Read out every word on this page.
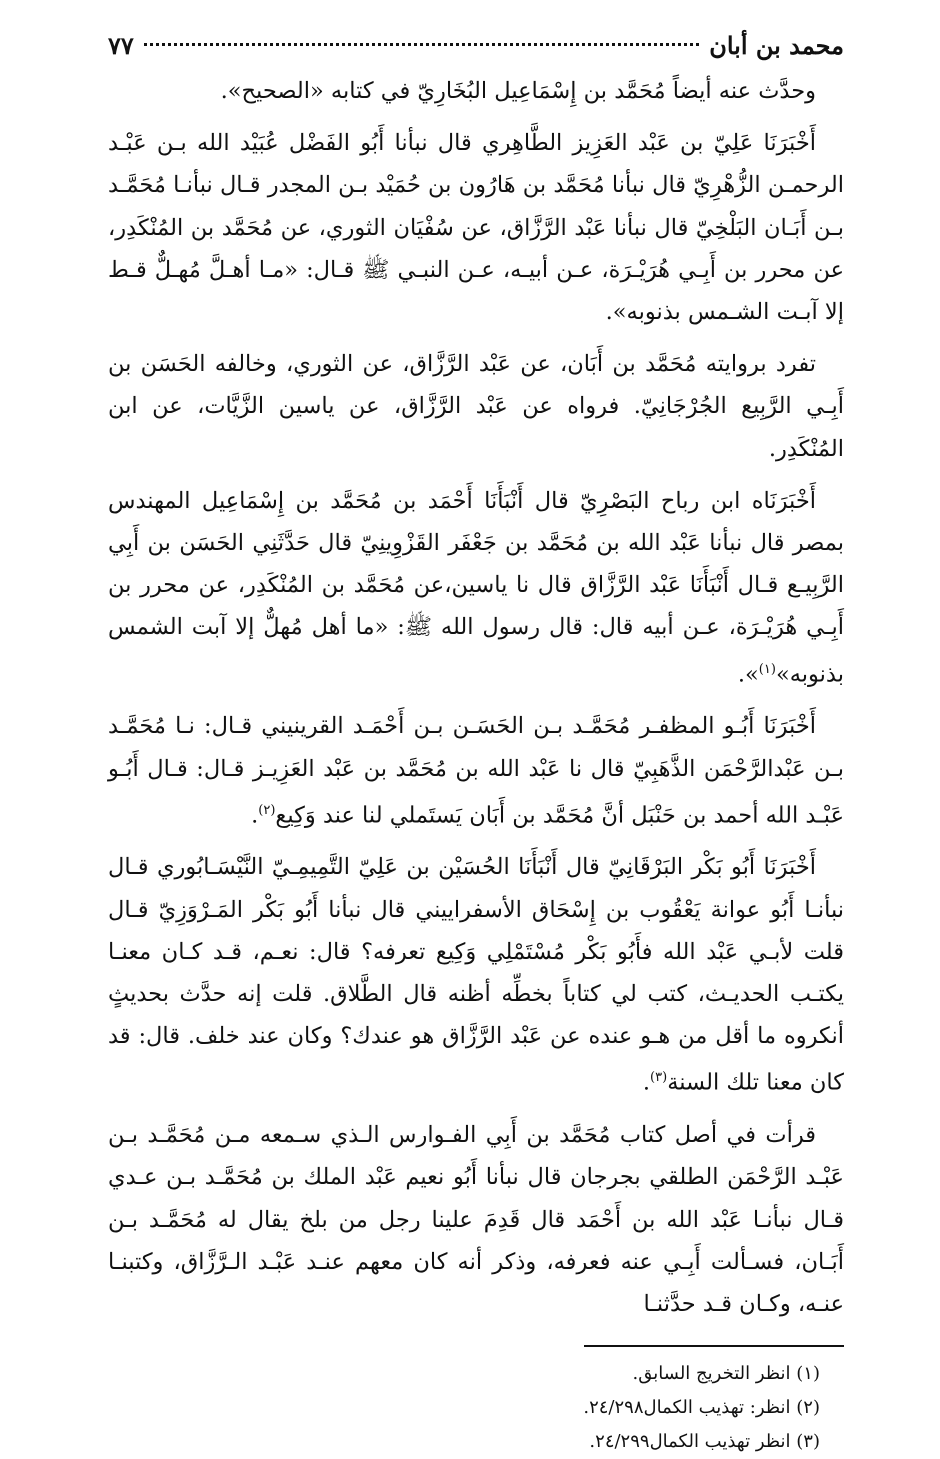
محمد بن أبان
٧٧

وحدَّث عنه أيضاً مُحَمَّد بن إِسْمَاعِيل البُخَارِيّ في كتابه «الصحيح».

أَخْبَرَنَا عَلِيّ بن عَبْد العَزِيز الطَّاهِري قال نبأنا أَبُو الفَضْل عُبَيْد الله بـن عَبْـد الرحمـن الزُّهْرِيّ قال نبأنا مُحَمَّد بن هَارُون بن حُمَيْد بـن المجدر قـال نبأنـا مُحَمَّـد بـن أَبَـان البَلْخِيّ قال نبأنا عَبْد الرَّزَّاق، عن سُفْيَان الثوري، عن مُحَمَّد بن المُنْكَدِر، عن محرر بن أَبِـي هُرَيْـرَة، عـن أبيـه، عـن النبـي ﷺ قـال: «مـا أهـلَّ مُهـلٌّ قـط إلا آبـت الشـمس بذنوبه».

تفرد بروايته مُحَمَّد بن أَبَان، عن عَبْد الرَّزَّاق، عن الثوري، وخالفه الحَسَن بن أَبِـي الرَّبِيع الجُرْجَانِيّ. فرواه عن عَبْد الرَّزَّاق، عن ياسين الزَّيَّات، عن ابن المُنْكَدِر.

أَخْبَرَنَاه ابن رباح البَصْرِيّ قال أَنْبَأَنَا أَحْمَد بن مُحَمَّد بن إِسْمَاعِيل المهندس بمصر قال نبأنا عَبْد الله بن مُحَمَّد بن جَعْفَر القَزْوِينِيّ قال حَدَّثَنِي الحَسَن بن أَبِي الرَّبِيـع قـال أَنْبَأَنَا عَبْد الرَّزَّاق قال نا ياسين،عن مُحَمَّد بن المُنْكَدِر، عن محرر بن أَبِـي هُرَيْـرَة، عـن أبيه قال: قال رسول الله ﷺ: «ما أهل مُهلٌّ إلا آبت الشمس بذنوبه»$^{(١)}$».

أَخْبَرَنَا أَبُـو المظفـر مُحَمَّـد بـن الحَسَـن بـن أَحْمَـد القرينيني قـال: نـا مُحَمَّـد بـن عَبْدالرَّحْمَن الذَّهَبِيّ قال نا عَبْد الله بن مُحَمَّد بن عَبْد العَزِيـز قـال: قـال أَبُـو عَبْـد الله أحمد بن حَنْبَل أنَّ مُحَمَّد بن أَبَان يَستَملي لنا عند وَكِيع$^{(٢)}$.

أَخْبَرَنَا أَبُو بَكْر البَرْقَانِيّ قال أَنْبَأَنَا الحُسَيْن بن عَلِيّ التَّمِيمِـيّ النَّيْسَـابُوري قـال نبأنـا أَبُو عوانة يَعْقُوب بن إِسْحَاق الأسفراييني قال نبأنا أَبُو بَكْر المَـرْوَزِيّ قـال قلت لأبـي عَبْد الله فأَبُو بَكْر مُسْتَمْلِي وَكِيع تعرفه؟ قال: نعـم، قـد كـان معنـا يكتـب الحديـث، كتب لي كتاباً بخطِّه أظنه قال الطَّلاق. قلت إنه حدَّث بحديثٍ أنكروه ما أقل من هـو عنده عن عَبْد الرَّزَّاق هو عندك؟ وكان عند خلف. قال: قد كان معنا تلك السنة$^{(٣)}$.

قرأت في أصل كتاب مُحَمَّد بن أَبِي الفـوارس الـذي سـمعه مـن مُحَمَّـد بـن عَبْـد الرَّحْمَن الطلقي بجرجان قال نبأنا أَبُو نعيم عَبْد الملك بن مُحَمَّـد بـن عـدي قـال نبأنـا عَبْد الله بن أَحْمَد قال قَدِمَ علينا رجل من بلخ يقال له مُحَمَّـد بـن أَبَـان، فسـألت أَبِـي عنه فعرفه، وذكر أنه كان معهم عنـد عَبْـد الـرَّزَّاق، وكتبنـا عنـه، وكـان قـد حدَّثنـا

(١) انظر التخريج السابق.

(٢) انظر: تهذيب الكمال٢٤/٢٩٨.

(٣) انظر تهذيب الكمال٢٤/٢٩٩.
